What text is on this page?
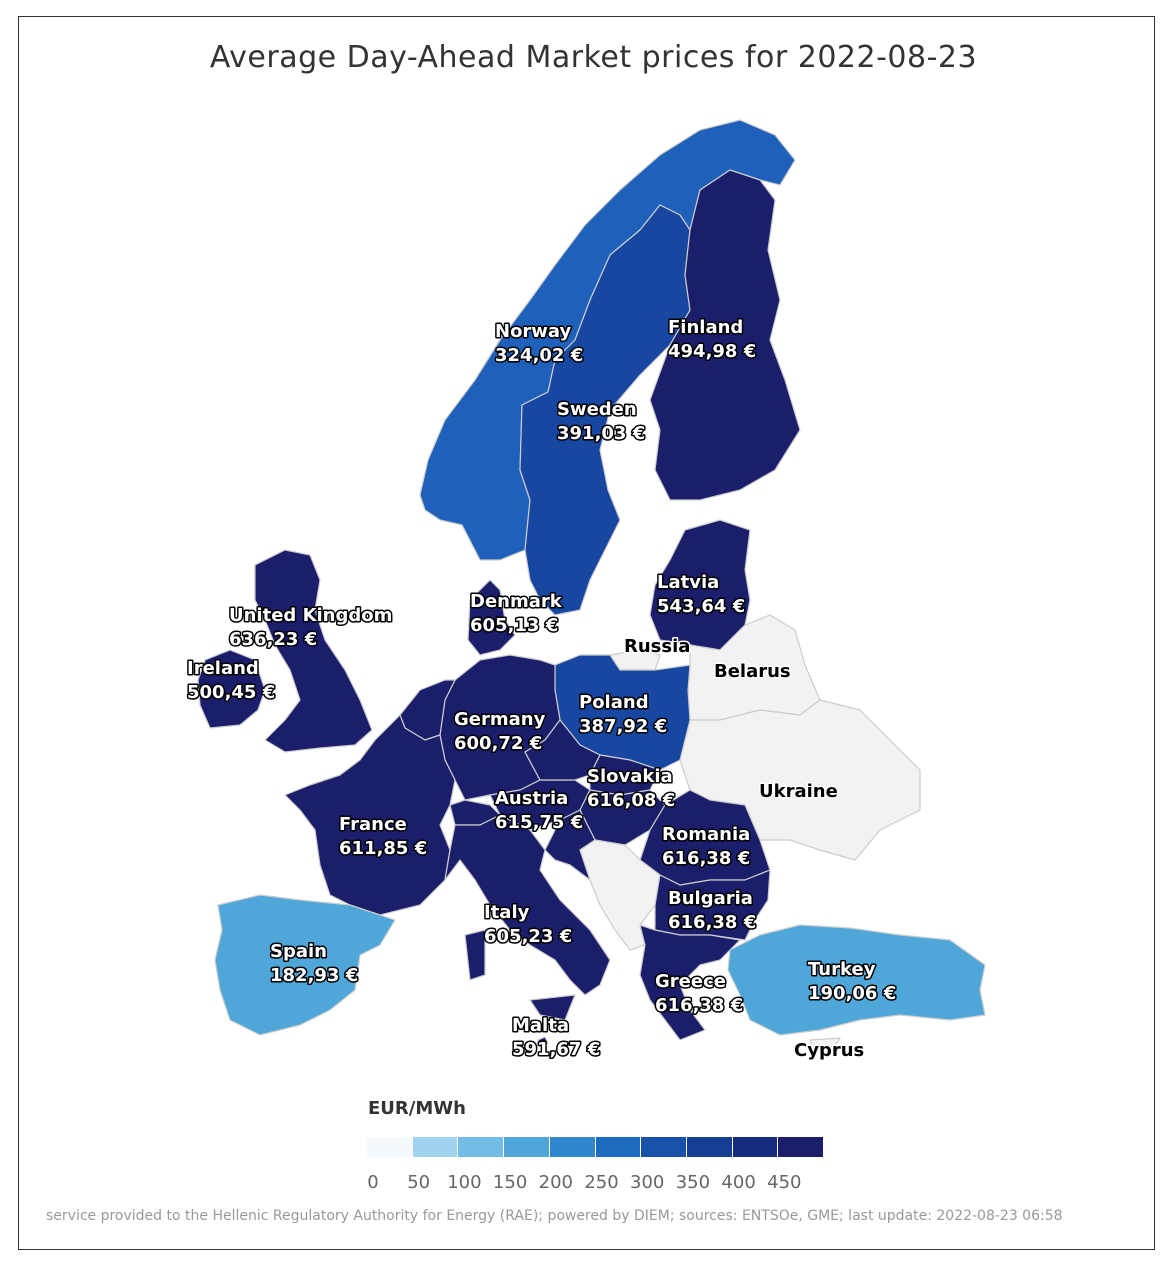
Average Day-Ahead Market prices for 2022-08-23
Norway
324,02 €
Finland
494,98 €
Sweden
391,03 €
United Kingdom
636,23 €
Ireland
500,45 €
Denmark
605,13 €
Latvia
543,64 €
Germany
600,72 €
Poland
387,92 €
Slovakia
616,08 €
Austria
615,75 €
France
611,85 €
Romania
616,38 €
Bulgaria
616,38 €
Italy
605,23 €
Spain
182,93 €	Turkey
190,06 €
Greece
616,38 €
Malta
591,67 €
Russia
Belarus
Ukraine
Cyprus
EUR/MWh
0 50 100 150 200 250 300 350 400 450
service provided to the Hellenic Regulatory Authority for Energy (RAE); powered by DIEM; sources: ENTSOe, GME; last update: 2022-08-23 06:58
